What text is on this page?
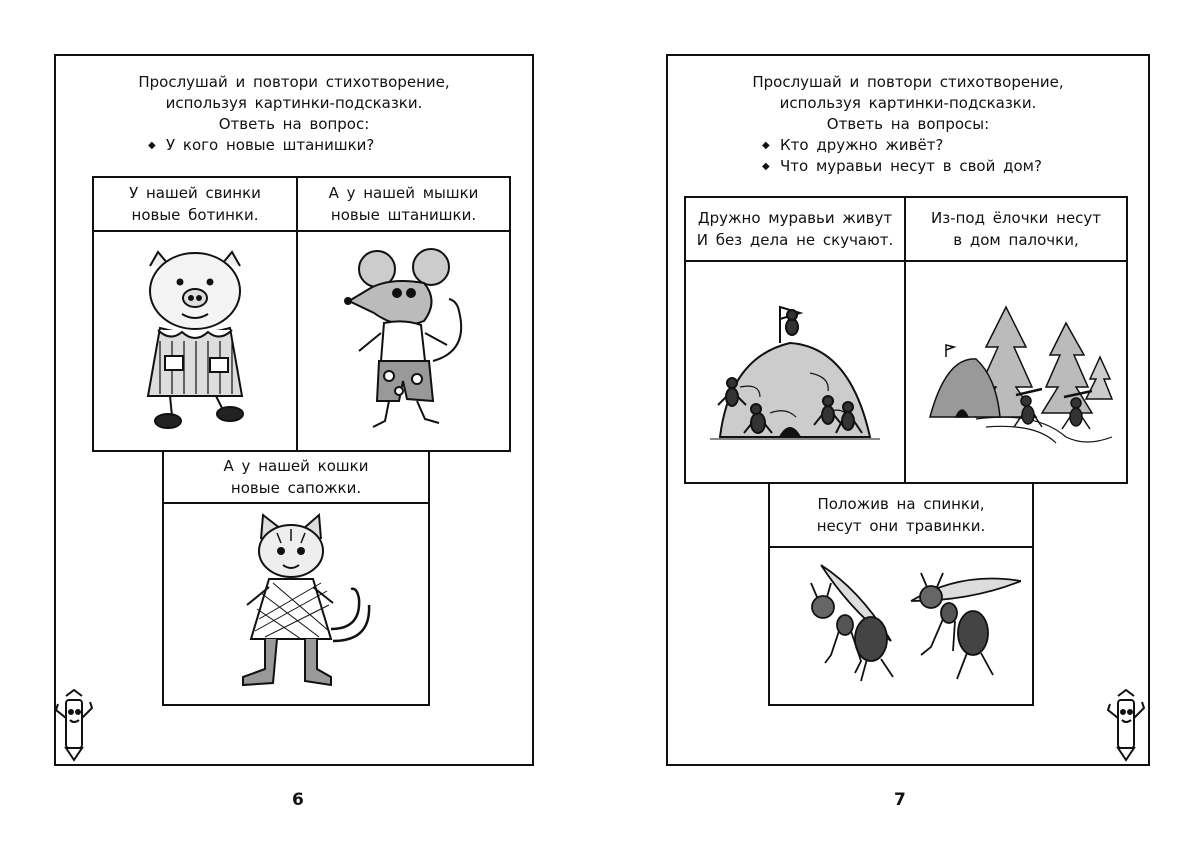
Прослушай и повтори стихотворение,
используя картинки-подсказки.
Ответь на вопрос:
◆ У кого новые штанишки?
У нашей свинки
новые ботинки.
А у нашей мышки
новые штанишки.
А у нашей кошки
новые сапожки.
6
Прослушай и повтори стихотворение,
используя картинки-подсказки.
Ответь на вопросы:
◆ Кто дружно живёт?
◆ Что муравьи несут в свой дом?
Дружно муравьи живут
И без дела не скучают.
Из-под ёлочки несут
в дом палочки,
Положив на спинки,
несут они травинки.
7
